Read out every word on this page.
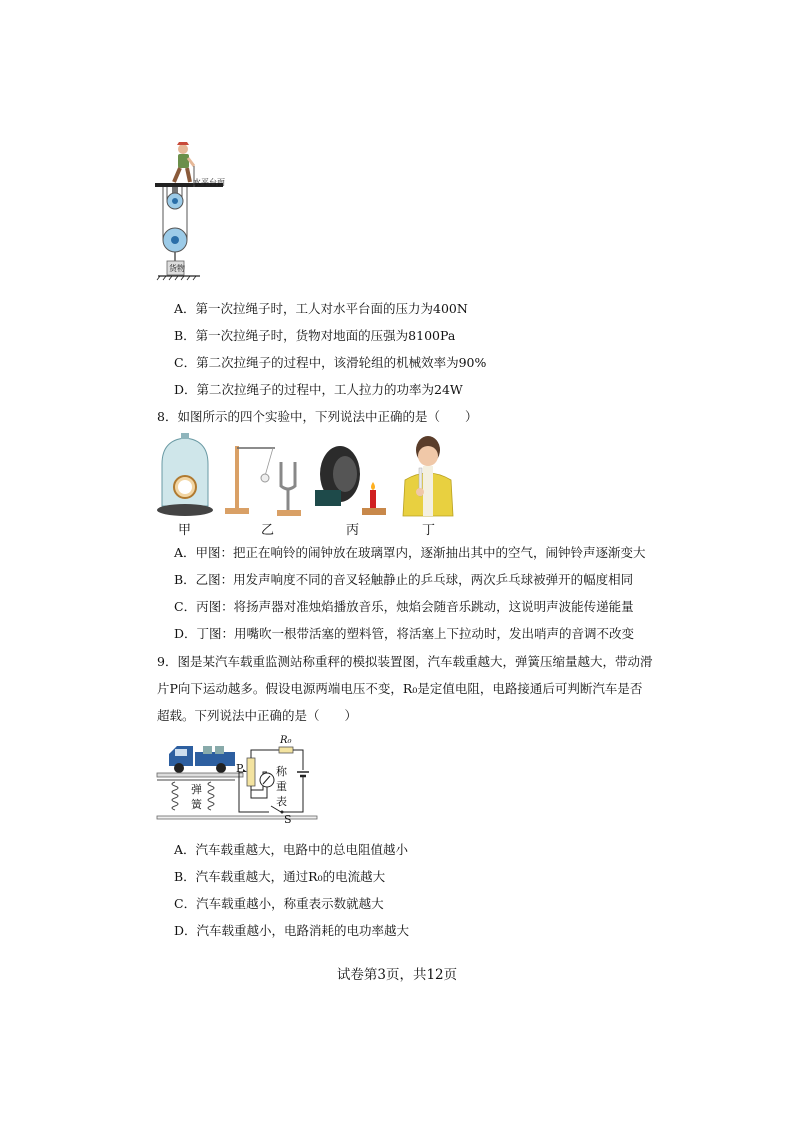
水平台面
货物
A．第一次拉绳子时，工人对水平台面的压力为400N
B．第一次拉绳子时，货物对地面的压强为8100Pa
C．第二次拉绳子的过程中，该滑轮组的机械效率为90%
D．第二次拉绳子的过程中，工人拉力的功率为24W
8．如图所示的四个实验中，下列说法中正确的是（　　）
甲	乙	丙	丁
A．甲图：把正在响铃的闹钟放在玻璃罩内，逐渐抽出其中的空气，闹钟铃声逐渐变大
B．乙图：用发声响度不同的音叉轻触静止的乒乓球，两次乒乓球被弹开的幅度相同
C．丙图：将扬声器对准烛焰播放音乐，烛焰会随音乐跳动，这说明声波能传递能量
D．丁图：用嘴吹一根带活塞的塑料管，将活塞上下拉动时，发出哨声的音调不改变
9．图是某汽车载重监测站称重秤的模拟装置图，汽车载重越大，弹簧压缩量越大，带动滑
片P向下运动越多。假设电源两端电压不变，R₀是定值电阻，电路接通后可判断汽车是否
超载。下列说法中正确的是（　　）
R₀
P	称
重
表
弹
簧
S
A．汽车载重越大，电路中的总电阻值越小
B．汽车载重越大，通过R₀的电流越大
C．汽车载重越小，称重表示数就越大
D．汽车载重越小，电路消耗的电功率越大
试卷第3页，共12页
